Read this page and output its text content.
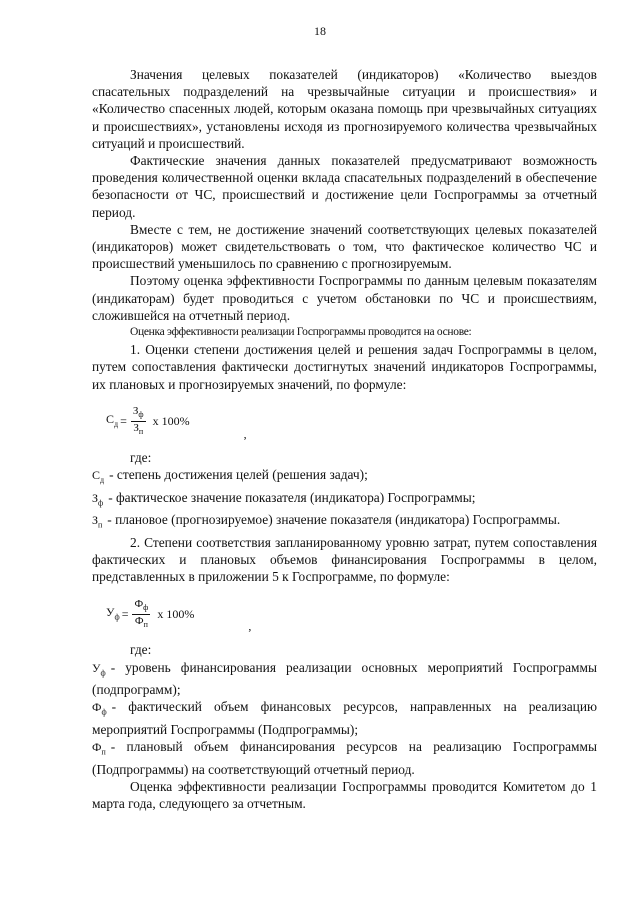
18

Значения целевых показателей (индикаторов) «Количество выездов спасательных подразделений на чрезвычайные ситуации и происшествия» и «Количество спасенных людей, которым оказана помощь при чрезвычайных ситуациях и происшествиях», установлены исходя из прогнозируемого количества чрезвычайных ситуаций и происшествий.

Фактические значения данных показателей предусматривают возможность проведения количественной оценки вклада спасательных подразделений в обеспечение безопасности от ЧС, происшествий и достижение цели Госпрограммы за отчетный период.

Вместе с тем, не достижение значений соответствующих целевых показателей (индикаторов) может свидетельствовать о том, что фактическое количество ЧС и происшествий уменьшилось по сравнению с прогнозируемым.

Поэтому оценка эффективности Госпрограммы по данным целевым показателям (индикаторам) будет проводиться с учетом обстановки по ЧС и происшествиям, сложившейся на отчетный период.

Оценка эффективности реализации Госпрограммы проводится на основе:

1. Оценки степени достижения целей и решения задач Госпрограммы в целом, путем сопоставления фактически достигнутых значений индикаторов Госпрограммы, их плановых и прогнозируемых значений, по формуле:

$С_д = \frac{З_ф}{З_п}$ x 100%
,

где:

$С_д$ - степень достижения целей (решения задач);

$З_ф$ - фактическое значение показателя (индикатора) Госпрограммы;

$З_п$ - плановое (прогнозируемое) значение показателя (индикатора) Госпрограммы.

2. Степени соответствия запланированному уровню затрат, путем сопоставления фактических и плановых объемов финансирования Госпрограммы в целом, представленных в приложении 5 к Госпрограмме, по формуле:

$У_ф = \frac{Ф_ф}{Ф_п}$ x 100%
,

где:

$У_ф$ - уровень финансирования реализации основных мероприятий Госпрограммы (подпрограмм);

$Ф_ф$ - фактический объем финансовых ресурсов, направленных на реализацию мероприятий Госпрограммы (Подпрограммы);

$Ф_п$ - плановый объем финансирования ресурсов на реализацию Госпрограммы (Подпрограммы) на соответствующий отчетный период.

Оценка эффективности реализации Госпрограммы проводится Комитетом до 1 марта года, следующего за отчетным.
